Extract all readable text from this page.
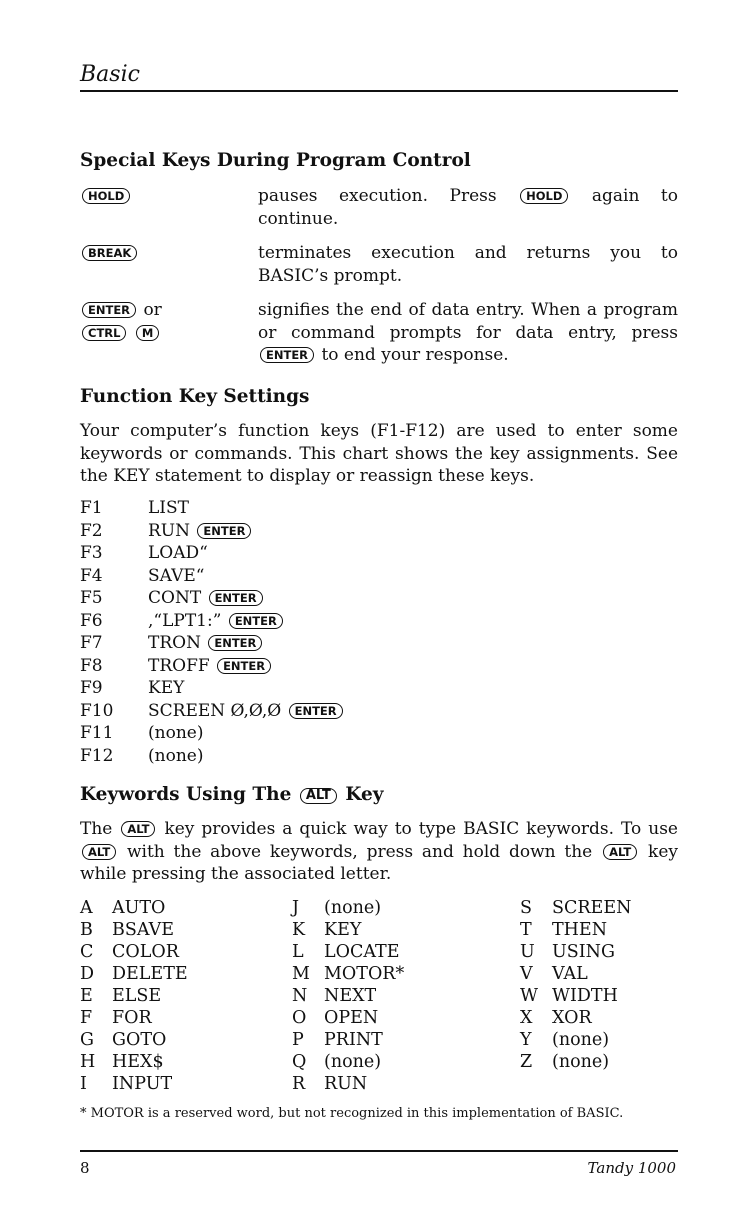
Basic
Special Keys During Program Control
HOLD	pauses execution. Press HOLD again to continue.
BREAK	terminates execution and returns you to BASIC’s prompt.
ENTER or
CTRL M
signifies the end of data entry. When a program or command prompts for data entry, press ENTER to end your response.
Function Key Settings
Your computer’s function keys (F1-F12) are used to enter some keywords or commands. This chart shows the key assignments. See the KEY statement to display or reassign these keys.
F1	LIST
F2	RUN ENTER
F3	LOAD“
F4	SAVE“
F5	CONT ENTER
F6	,“LPT1:” ENTER
F7	TRON ENTER
F8	TROFF ENTER
F9	KEY
F10 SCREEN Ø,Ø,Ø ENTER
F11 (none)
F12 (none)
Keywords Using The ALT Key
The ALT key provides a quick way to type BASIC keywords. To use ALT with the above keywords, press and hold down the ALT key while pressing the associated letter.
A AUTO
B BSAVE
C COLOR
D DELETE
E ELSE
F FOR
G GOTO
H HEX$
I INPUT
J (none)
K KEY
L LOCATE
M MOTOR*
N NEXT
O OPEN
P PRINT
Q (none)
R RUN
S SCREEN
T THEN
U USING
V VAL
W WIDTH
X XOR
Y (none)
Z (none)
* MOTOR is a reserved word, but not recognized in this implementation of BASIC.
8	Tandy 1000
